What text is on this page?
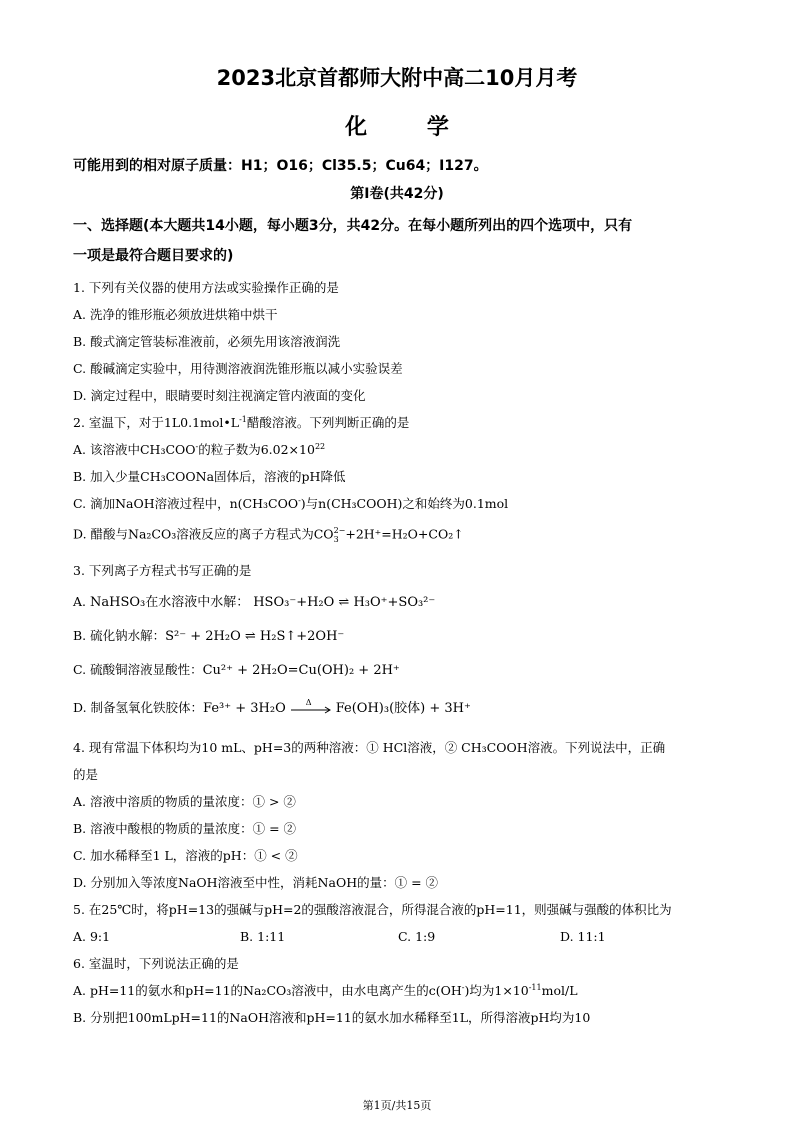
2023北京首都师大附中高二10月月考
化 学
可能用到的相对原子质量：H1；O16；Cl35.5；Cu64；I127。
第Ⅰ卷(共42分)
一、选择题(本大题共14小题，每小题3分，共42分。在每小题所列出的四个选项中，只有
一项是最符合题目要求的)
1. 下列有关仪器的使用方法或实验操作正确的是
A. 洗净的锥形瓶必须放进烘箱中烘干
B. 酸式滴定管装标准液前，必须先用该溶液润洗
C. 酸碱滴定实验中，用待测溶液润洗锥形瓶以减小实验误差
D. 滴定过程中，眼睛要时刻注视滴定管内液面的变化
2. 室温下，对于$1L0.1mol•L^{-1}$醋酸溶液。下列判断正确的是
A. 该溶液中CH₃COO-的粒子数为$6.02\times 10^{22}$
B. 加入少量CH₃COONa固体后，溶液的pH降低
C. 滴加NaOH溶液过程中，n(CH₃COO-)与n(CH₃COOH)之和始终为0.1mol
D. 醋酸与Na₂CO₃溶液反应的离子方程式为CO 2−
3 +2H⁺=H₂O+CO₂↑
3. 下列离子方程式书写正确的是
A. NaHSO₃在水溶液中水解： HSO₃⁻+H₂O ⇌ H₃O⁺+SO₃²⁻
B. 硫化钠水解：S²⁻ + 2H₂O ⇌ H₂S↑+2OH⁻
C. 硫酸铜溶液显酸性：Cu²⁺ + 2H₂O=Cu(OH)₂ + 2H⁺
D. 制备氢氧化铁胶体：Fe³⁺ + 3H₂O Δ Fe(OH)₃(胶体) + 3H⁺
4. 现有常温下体积均为10 mL、pH=3的两种溶液：① HCl溶液，② CH₃COOH溶液。下列说法中，正确
的是
A. 溶液中溶质的物质的量浓度：① > ②
B. 溶液中酸根的物质的量浓度：① = ②
C. 加水稀释至1 L，溶液的pH：① < ②
D. 分别加入等浓度NaOH溶液至中性，消耗NaOH的量：① = ②
5. 在25℃时，将pH=13的强碱与pH=2的强酸溶液混合，所得混合液的pH=11，则强碱与强酸的体积比为
A. 9:1	B. 1:11	C. 1:9	D. 11:1
6. 室温时，下列说法正确的是
A. pH=11的氨水和pH=11的Na₂CO₃溶液中，由水电离产生的c(OH-)均为$1\times 10^{-11}mol/L$
B. 分别把100mLpH=11的NaOH溶液和pH=11的氨水加水稀释至1L，所得溶液pH均为10
第1页/共15页
